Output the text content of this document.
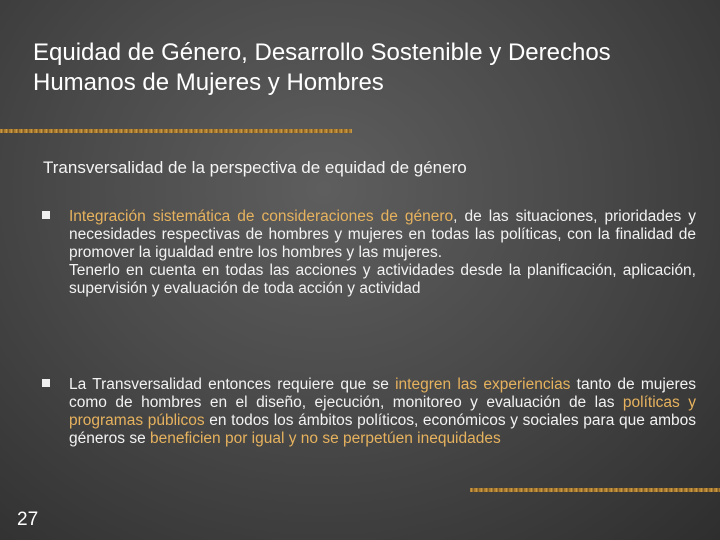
Equidad de Género, Desarrollo Sostenible y Derechos Humanos de Mujeres y Hombres
Transversalidad de la perspectiva de equidad de género
Integración sistemática de consideraciones de género, de las situaciones, prioridades y necesidades respectivas de hombres y mujeres en todas las políticas, con la finalidad de promover la igualdad entre los hombres y las mujeres.
Tenerlo en cuenta en todas las acciones y actividades desde la planificación, aplicación, supervisión y evaluación de toda acción y actividad
La Transversalidad entonces requiere que se integren las experiencias tanto de mujeres como de hombres en el diseño, ejecución, monitoreo y evaluación de las políticas y programas públicos en todos los ámbitos políticos, económicos y sociales para que ambos géneros se beneficien por igual y no se perpetúen inequidades
27
